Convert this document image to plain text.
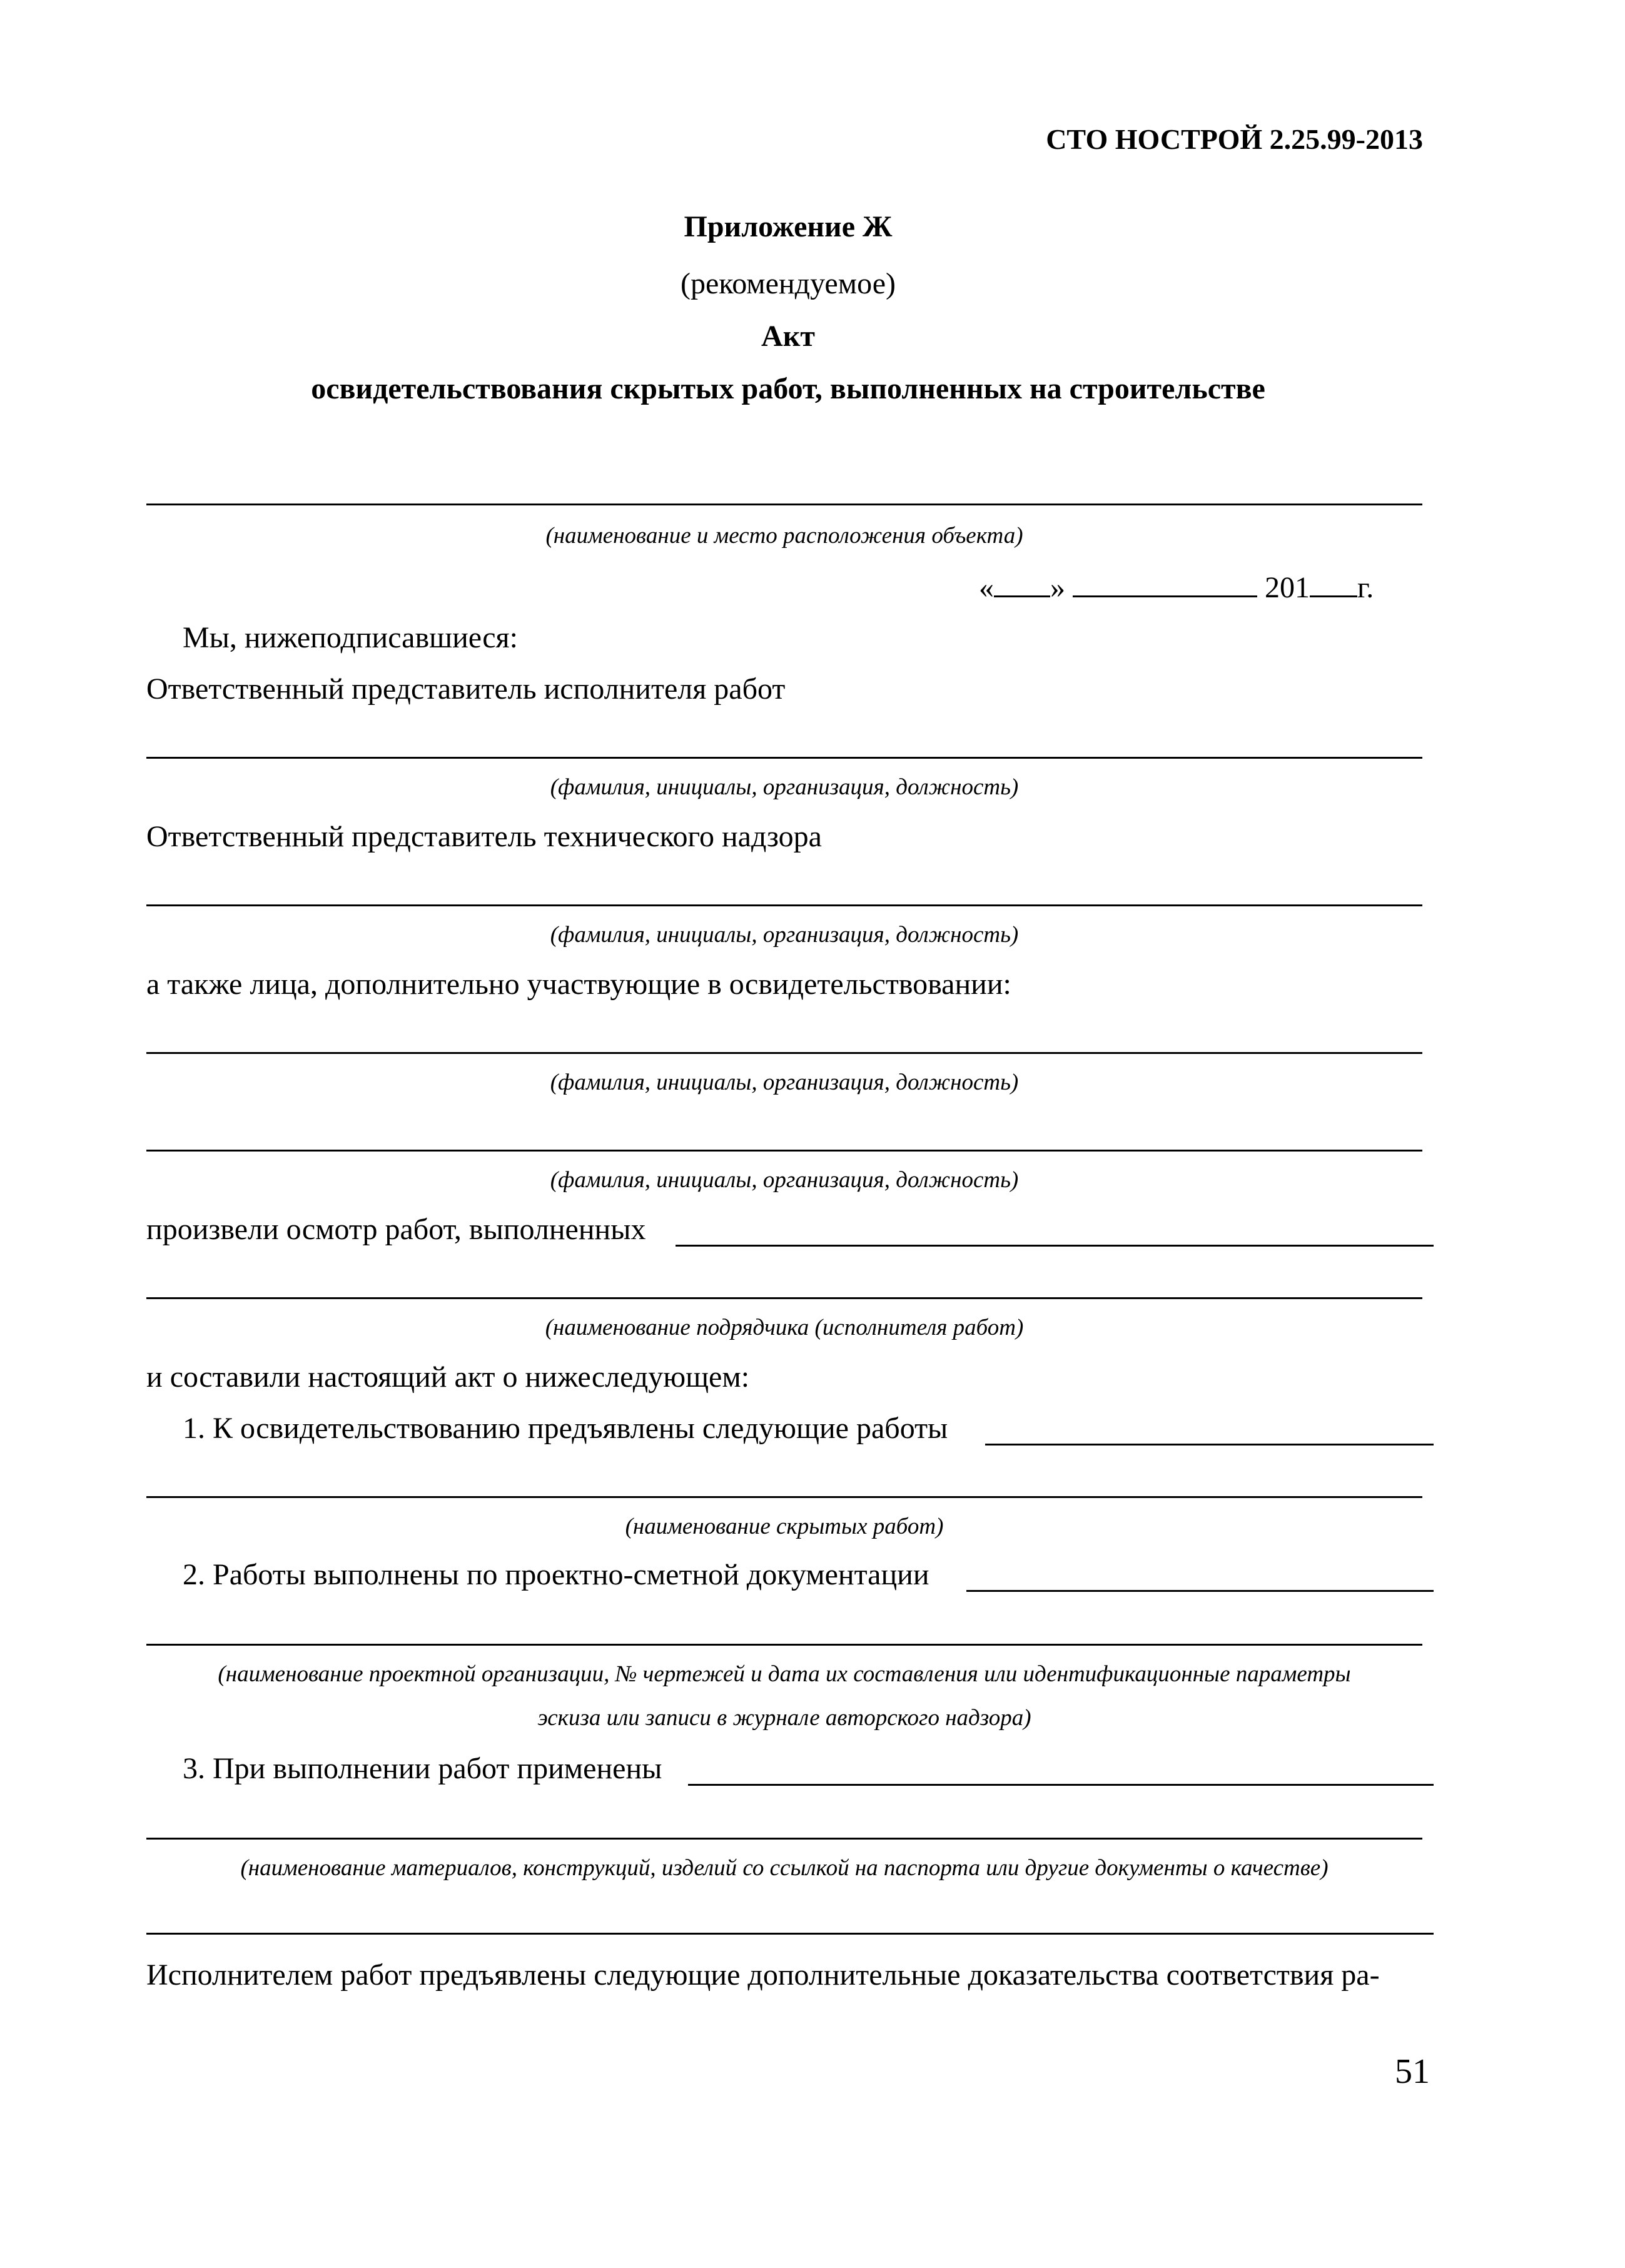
СТО НОСТРОЙ 2.25.99-2013
Приложение Ж
(рекомендуемое)
Акт
освидетельствования скрытых работ, выполненных на строительстве
(наименование и место расположения объекта)
« »	201 г.
Мы, нижеподписавшиеся:
Ответственный представитель исполнителя работ
(фамилия, инициалы, организация, должность)
Ответственный представитель технического надзора
(фамилия, инициалы, организация, должность)
а также лица, дополнительно участвующие в освидетельствовании:
(фамилия, инициалы, организация, должность)
(фамилия, инициалы, организация, должность)
произвели осмотр работ, выполненных
(наименование подрядчика (исполнителя работ)
и составили настоящий акт о нижеследующем:
1. К освидетельствованию предъявлены следующие работы
(наименование скрытых работ)
2. Работы выполнены по проектно-сметной документации
(наименование проектной организации, № чертежей и дата их составления или идентификационные параметры
эскиза или записи в журнале авторского надзора)
3. При выполнении работ применены
(наименование материалов, конструкций, изделий со ссылкой на паспорта или другие документы о качестве)
Исполнителем работ предъявлены следующие дополнительные доказательства соответствия ра-
51
